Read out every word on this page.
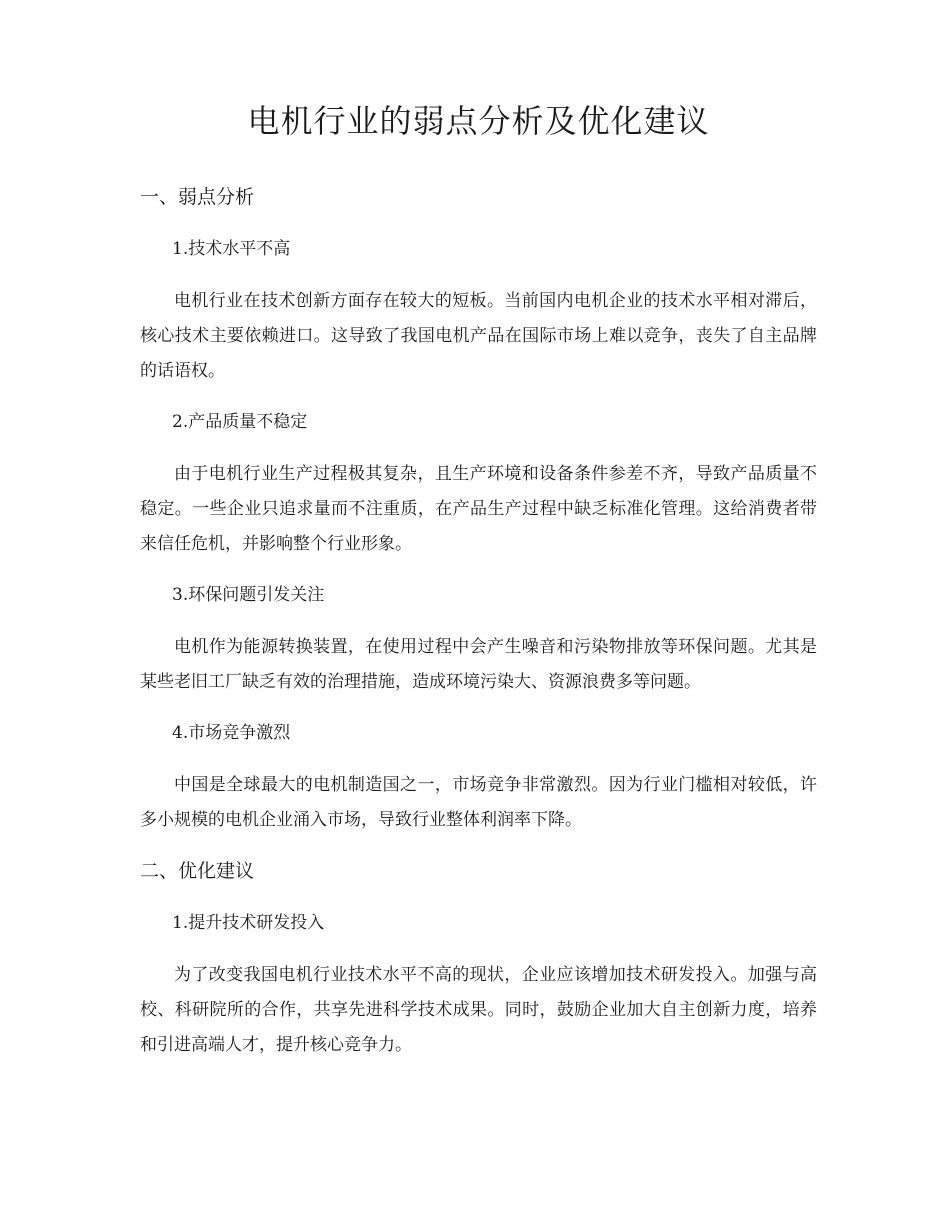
电机行业的弱点分析及优化建议
一、弱点分析
1.技术水平不高

电机行业在技术创新方面存在较大的短板。当前国内电机企业的技术水平相对滞后，核心技术主要依赖进口。这导致了我国电机产品在国际市场上难以竞争，丧失了自主品牌的话语权。

2.产品质量不稳定

由于电机行业生产过程极其复杂，且生产环境和设备条件参差不齐，导致产品质量不稳定。一些企业只追求量而不注重质，在产品生产过程中缺乏标准化管理。这给消费者带来信任危机，并影响整个行业形象。

3.环保问题引发关注

电机作为能源转换装置，在使用过程中会产生噪音和污染物排放等环保问题。尤其是某些老旧工厂缺乏有效的治理措施，造成环境污染大、资源浪费多等问题。

4.市场竞争激烈

中国是全球最大的电机制造国之一，市场竞争非常激烈。因为行业门槛相对较低，许多小规模的电机企业涌入市场，导致行业整体利润率下降。

二、优化建议
1.提升技术研发投入

为了改变我国电机行业技术水平不高的现状，企业应该增加技术研发投入。加强与高校、科研院所的合作，共享先进科学技术成果。同时，鼓励企业加大自主创新力度，培养和引进高端人才，提升核心竞争力。
